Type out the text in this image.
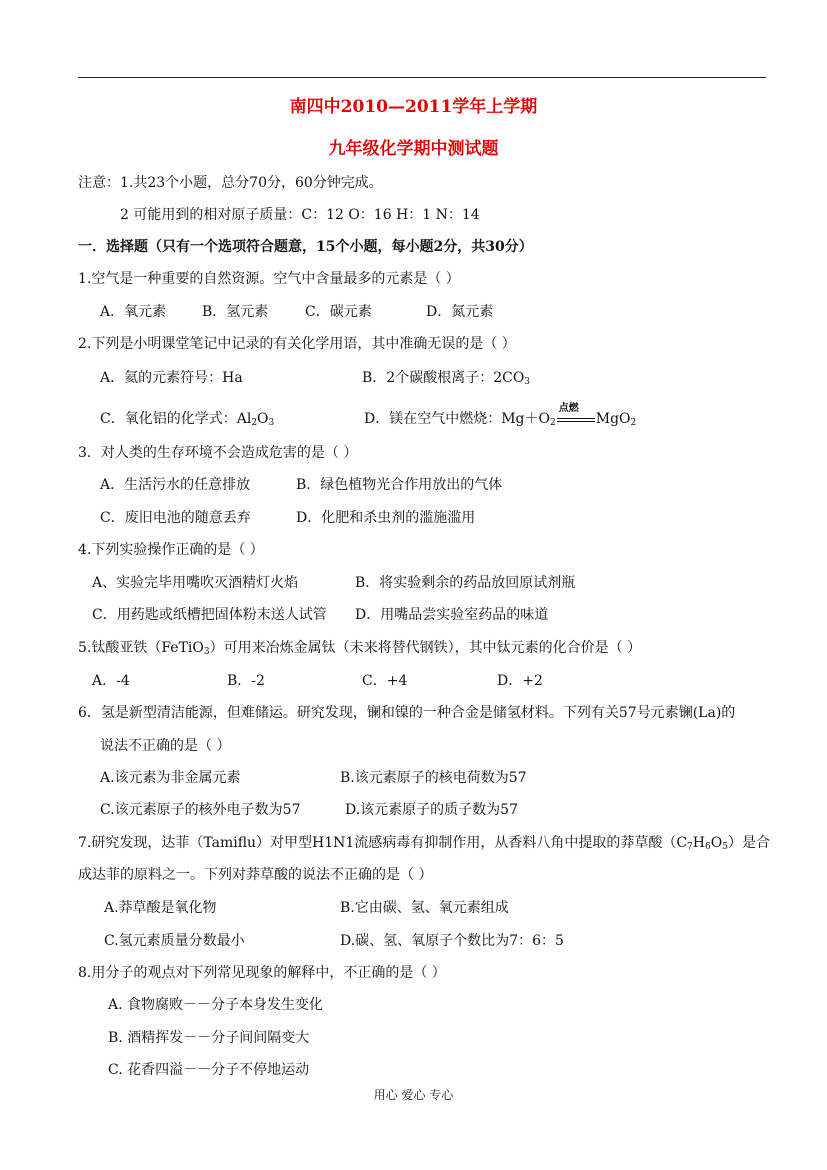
南四中2010—2011学年上学期
九年级化学期中测试题
注意：1.共23个小题，总分70分，60分钟完成。
2 可能用到的相对原子质量：C：12 O：16 H：1 N：14
一．选择题（只有一个选项符合题意，15个小题，每小题2分，共30分）
1.空气是一种重要的自然资源。空气中含量最多的元素是（ ）
A．氧元素	B．氢元素	C．碳元素	D．氮元素
2.下列是小明课堂笔记中记录的有关化学用语，其中准确无误的是（ ）
A．氦的元素符号：Ha	B．2个碳酸根离子：$2CO_3$
C．氧化铝的化学式：$Al_2O_3$	D．镁在空气中燃烧：$Mg+O_2$
点燃
MgO$_2$
3．对人类的生存环境不会造成危害的是（ ）
A．生活污水的任意排放	B．绿色植物光合作用放出的气体
C．废旧电池的随意丢弃	D．化肥和杀虫剂的滥施滥用
4.下列实验操作正确的是（ ）
A、实验完毕用嘴吹灭酒精灯火焰	B．将实验剩余的药品放回原试剂瓶
C．用药匙或纸槽把固体粉末送人试管 D．用嘴品尝实验室药品的味道
5.钛酸亚铁（FeTiO$_3$）可用来冶炼金属钛（未来将替代钢铁），其中钛元素的化合价是（ ）
A．-4	B．-2	C．+4	D．+2
6．氢是新型清洁能源，但难储运。研究发现，镧和镍的一种合金是储氢材料。下列有关57号元素镧(La)的
说法不正确的是（ ）
A.该元素为非金属元素	B.该元素原子的核电荷数为57
C.该元素原子的核外电子数为57	D.该元素原子的质子数为57
7.研究发现，达菲（Tamiflu）对甲型H1N1流感病毒有抑制作用，从香料八角中提取的莽草酸$(C_7H_6O_5)$是合
成达菲的原料之一。下列对莽草酸的说法不正确的是（ ）
A.莽草酸是氧化物	B.它由碳、氢、氧元素组成
C.氢元素质量分数最小	D.碳、氢、氧原子个数比为7：6：5
8.用分子的观点对下列常见现象的解释中，不正确的是（ ）
A. 食物腐败－－分子本身发生变化
B. 酒精挥发－－分子间间隔变大
C. 花香四溢－－分子不停地运动
用心 爱心 专心
